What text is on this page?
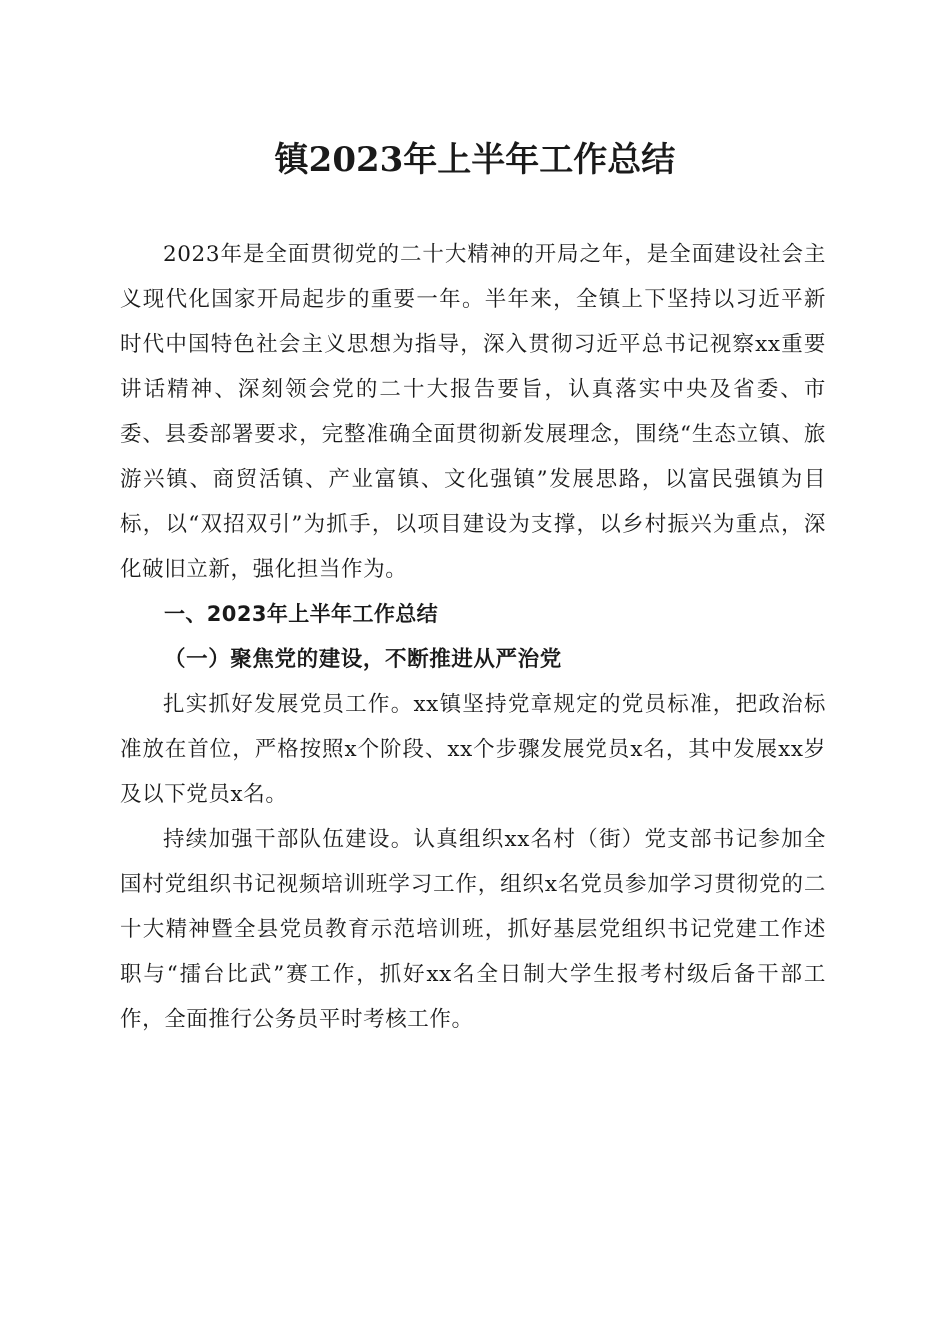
镇2023年上半年工作总结

2023年是全面贯彻党的二十大精神的开局之年，是全面建设社会主义现代化国家开局起步的重要一年。半年来，全镇上下坚持以习近平新时代中国特色社会主义思想为指导，深入贯彻习近平总书记视察xx重要讲话精神、深刻领会党的二十大报告要旨，认真落实中央及省委、市委、县委部署要求，完整准确全面贯彻新发展理念，围绕“生态立镇、旅游兴镇、商贸活镇、产业富镇、文化强镇”发展思路，以富民强镇为目标，以“双招双引”为抓手，以项目建设为支撑，以乡村振兴为重点，深化破旧立新，强化担当作为。

一、2023年上半年工作总结
（一）聚焦党的建设，不断推进从严治党

扎实抓好发展党员工作。xx镇坚持党章规定的党员标准，把政治标准放在首位，严格按照x个阶段、xx个步骤发展党员x名，其中发展xx岁及以下党员x名。

持续加强干部队伍建设。认真组织xx名村（街）党支部书记参加全国村党组织书记视频培训班学习工作，组织x名党员参加学习贯彻党的二十大精神暨全县党员教育示范培训班，抓好基层党组织书记党建工作述职与“擂台比武”赛工作，抓好xx名全日制大学生报考村级后备干部工作，全面推行公务员平时考核工作。
